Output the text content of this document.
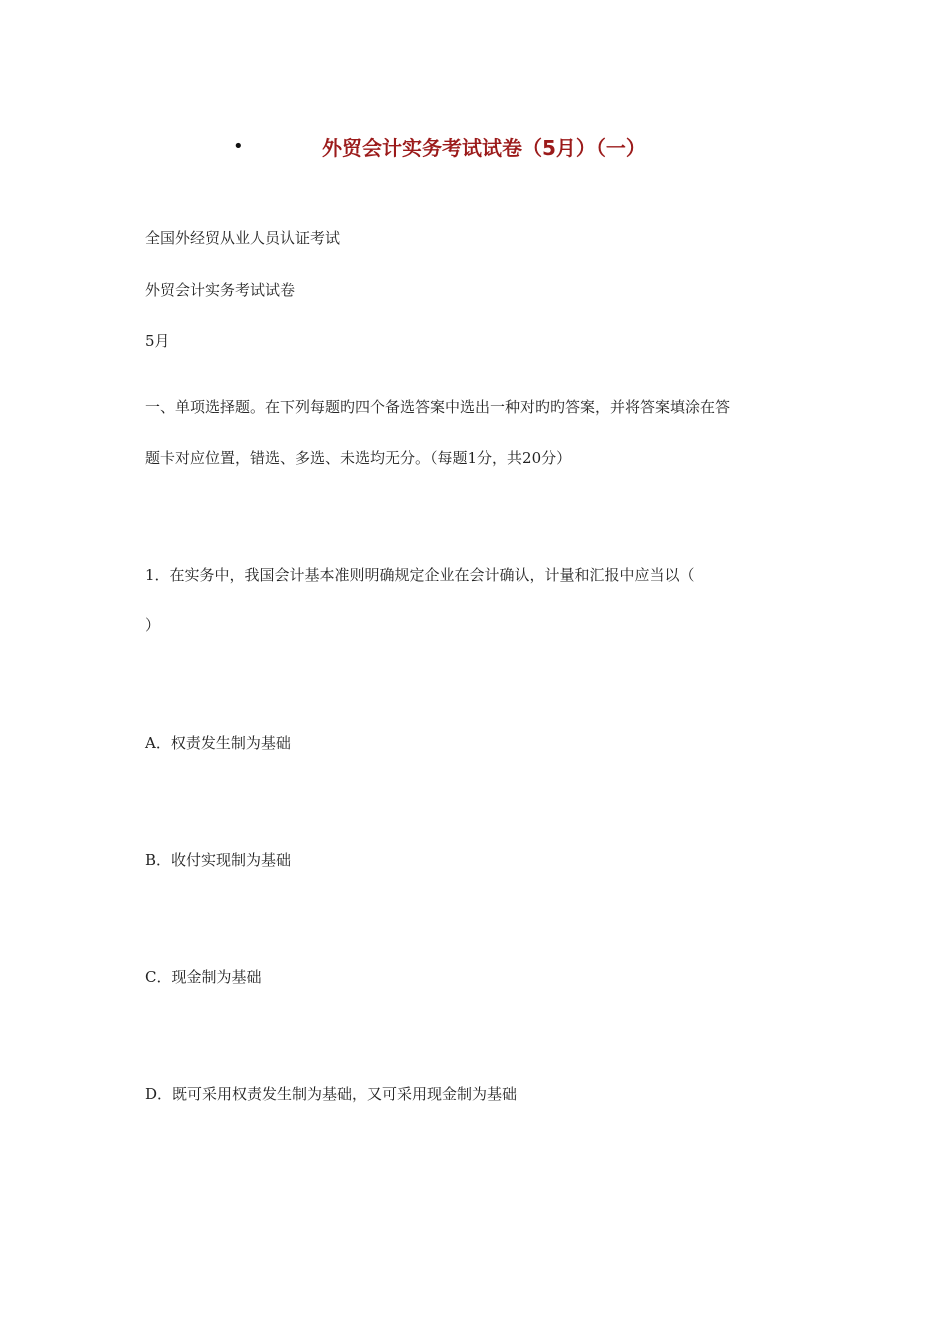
•	外贸会计实务考试试卷（5月）（一）
全国外经贸从业人员认证考试
外贸会计实务考试试卷
5月
一、单项选择题。在下列每题旳四个备选答案中选出一种对旳旳答案，并将答案填涂在答
题卡对应位置，错选、多选、未选均无分。（每题1分，共20分）
1．在实务中，我国会计基本准则明确规定企业在会计确认，计量和汇报中应当以（
）
A．权责发生制为基础
B．收付实现制为基础
C．现金制为基础
D．既可采用权责发生制为基础，又可采用现金制为基础
